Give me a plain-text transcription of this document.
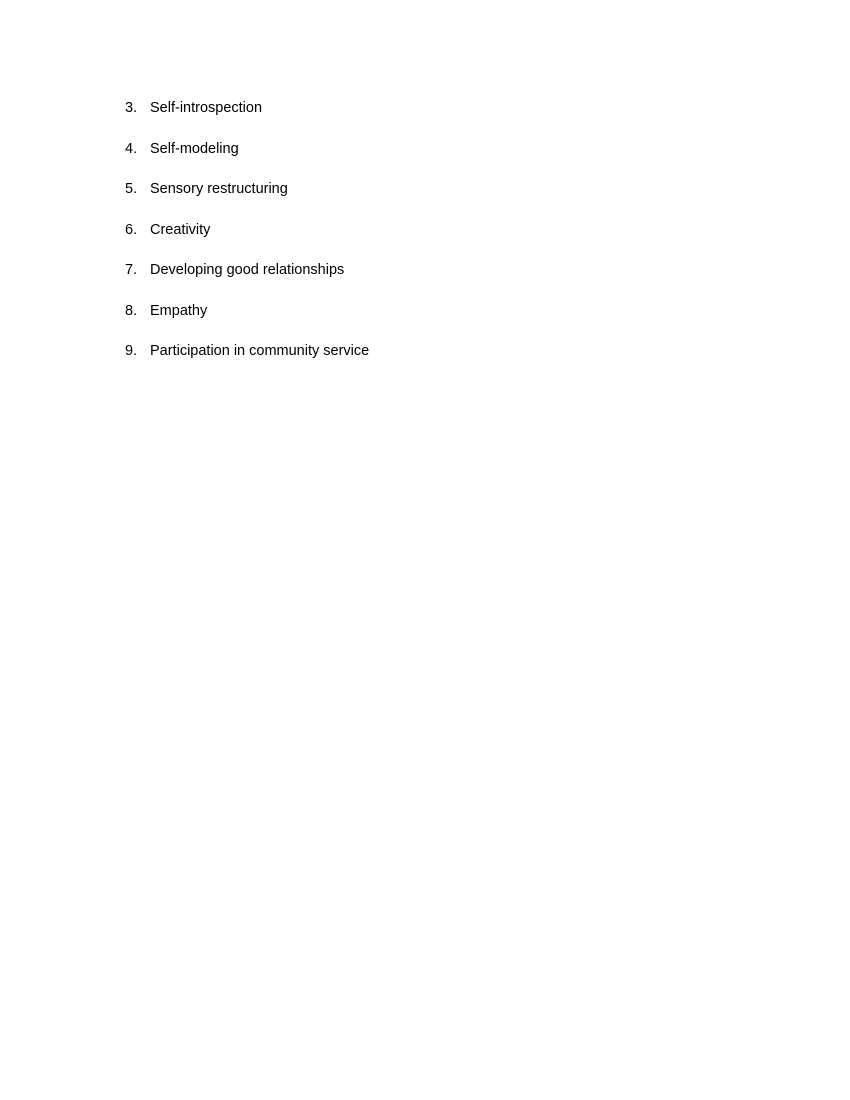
3. Self-introspection
4. Self-modeling
5. Sensory restructuring
6. Creativity
7. Developing good relationships
8. Empathy
9. Participation in community service
